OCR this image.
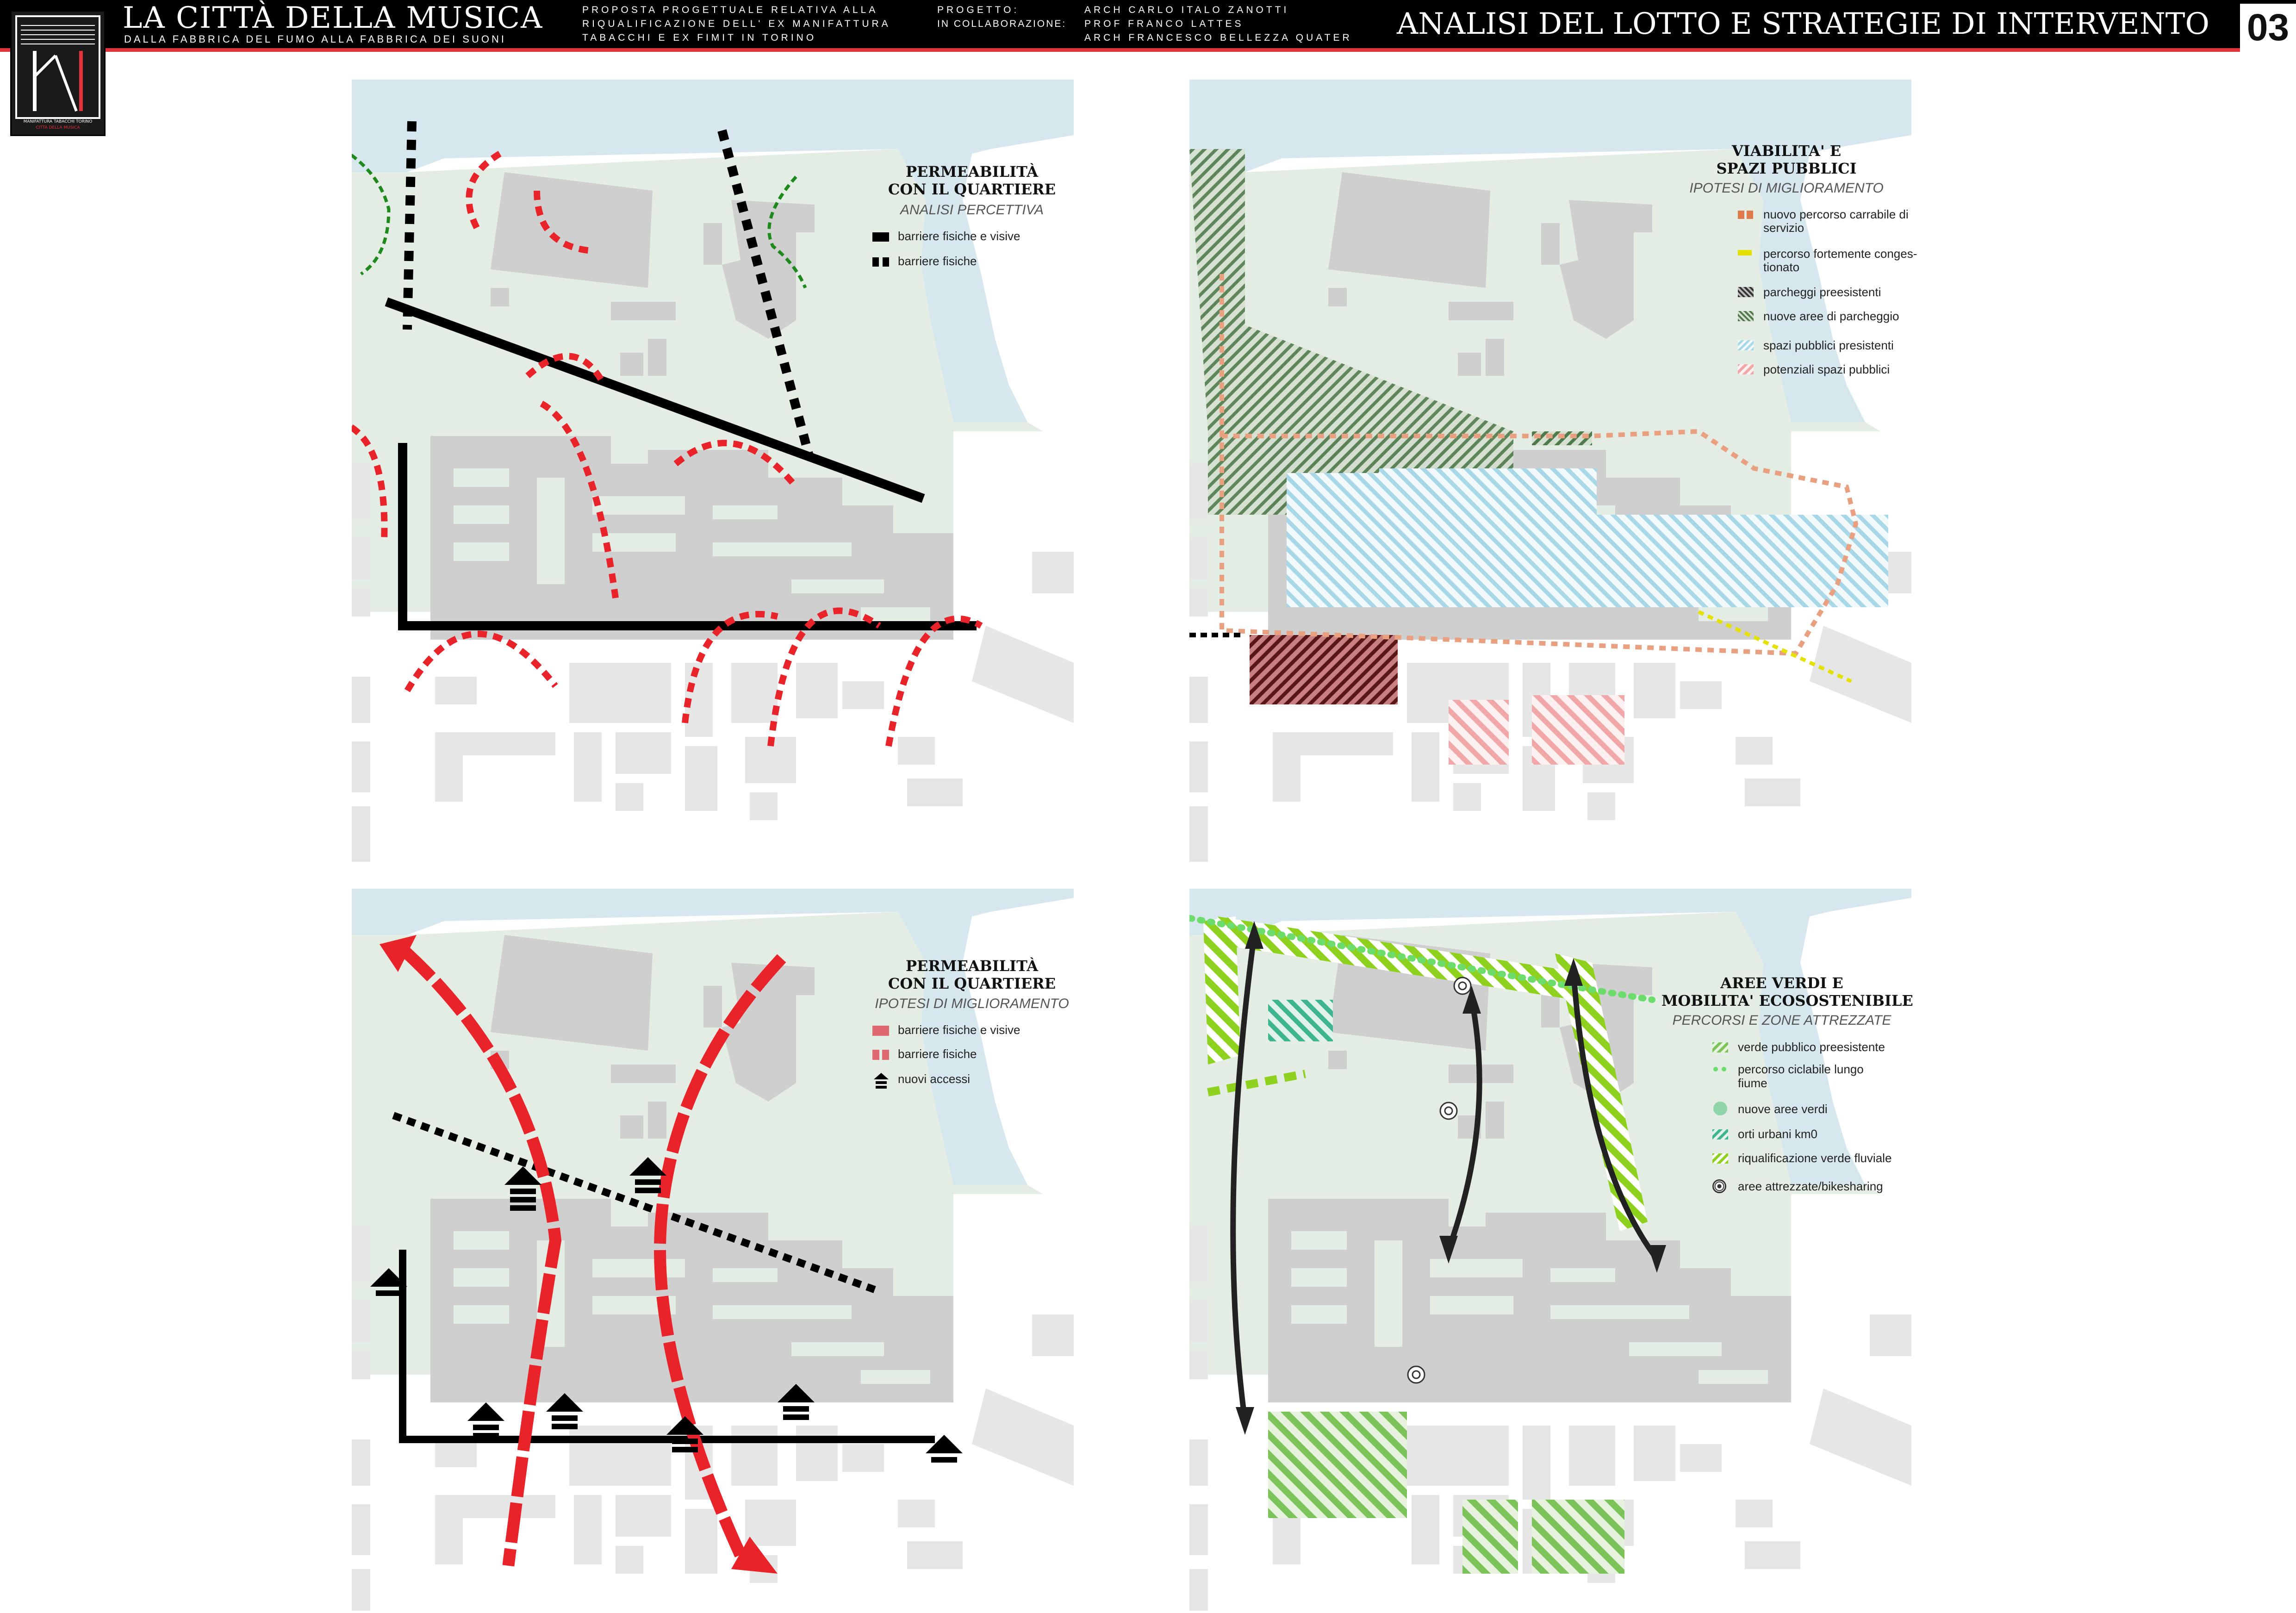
LA CITTÀ DELLA MUSICA
DALLA FABBRICA DEL FUMO ALLA FABBRICA DEI SUONI
PROPOSTA PROGETTUALE RELATIVA ALLA
RIQUALIFICAZIONE DELL' EX MANIFATTURA
TABACCHI E EX FIMIT IN TORINO
PROGETTO:
IN COLLABORAZIONE:
ARCH CARLO ITALO ZANOTTI
PROF FRANCO LATTES
ARCH FRANCESCO BELLEZZA QUATER ANALISI DEL LOTTO E STRATEGIE DI INTERVENTO 03
MANIFATTURA TABACCHI TORINO
CITTÀ DELLA MUSICA
PERMEABILITÀ
CON IL QUARTIERE
ANALISI PERCETTIVA
barriere fisiche e visive
barriere fisiche
VIABILITA' E
SPAZI PUBBLICI
IPOTESI DI MIGLIORAMENTO
nuovo percorso carrabile di
servizio
percorso fortemente conges-
tionato
parcheggi preesistenti
nuove aree di parcheggio
spazi pubblici presistenti
potenziali spazi pubblici
PERMEABILITÀ
CON IL QUARTIERE
IPOTESI DI MIGLIORAMENTO
barriere fisiche e visive
barriere fisiche
nuovi accessi
AREE VERDI E
MOBILITA' ECOSOSTENIBILE
PERCORSI E ZONE ATTREZZATE
verde pubblico preesistente
percorso ciclabile lungo
fiume
nuove aree verdi
orti urbani km0
riqualificazione verde fluviale
aree attrezzate/bikesharing
